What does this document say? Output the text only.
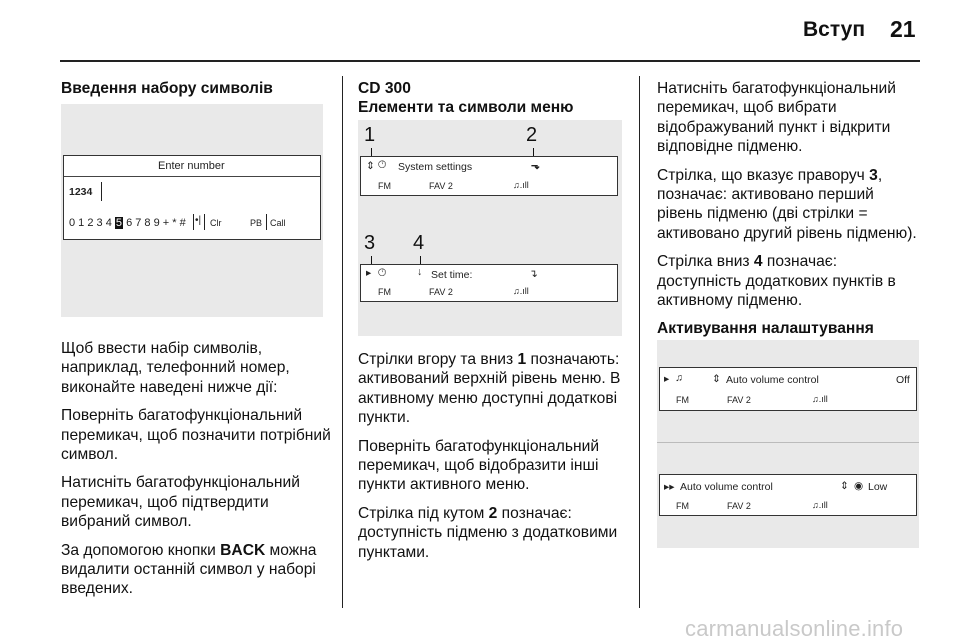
Вступ 21
Введення набору символів
Enter number
1234
0 1 2 3 4 5 6 7 8 9 + * # •| Clr	PB Call

Щоб ввести набір символів, наприклад, телефонний номер, виконайте наведені нижче дії:

Поверніть багатофункціональний перемикач, щоб позначити потрібний символ.

Натисніть багатофункціональний перемикач, щоб підтвердити вибраний символ.

За допомогою кнопки BACK можна видалити останній символ у наборі введених.

CD 300
Елементи та символи меню
1	2
⇕ 🕐︎ System settings	⬎
FM	FAV 2	♫.ıll
3 4
▸ 🕐︎	↓ Set time:	↴
FM	FAV 2	♫.ıll

Стрілки вгору та вниз 1 позначають: активований верхній рівень меню. В активному меню доступні додаткові пункти.

Поверніть багатофункціональний перемикач, щоб відобразити інші пункти активного меню.

Стрілка під кутом 2 позначає: доступність підменю з додатковими пунктами.

Натисніть багатофункціональний перемикач, щоб вибрати відображуваний пункт і відкрити відповідне підменю.

Стрілка, що вказує праворуч 3, позначає: активовано перший рівень підменю (дві стрілки = активовано другий рівень підменю).

Стрілка вниз 4 позначає: доступність додаткових пунктів в активному підменю.

Активування налаштування
▸ ♫	⇕ Auto volume control	Off
FM	FAV 2	♫.ıll
▸▸ Auto volume control	⇕ ◉ Low
FM	FAV 2	♫.ıll
carmanualsonline.info
